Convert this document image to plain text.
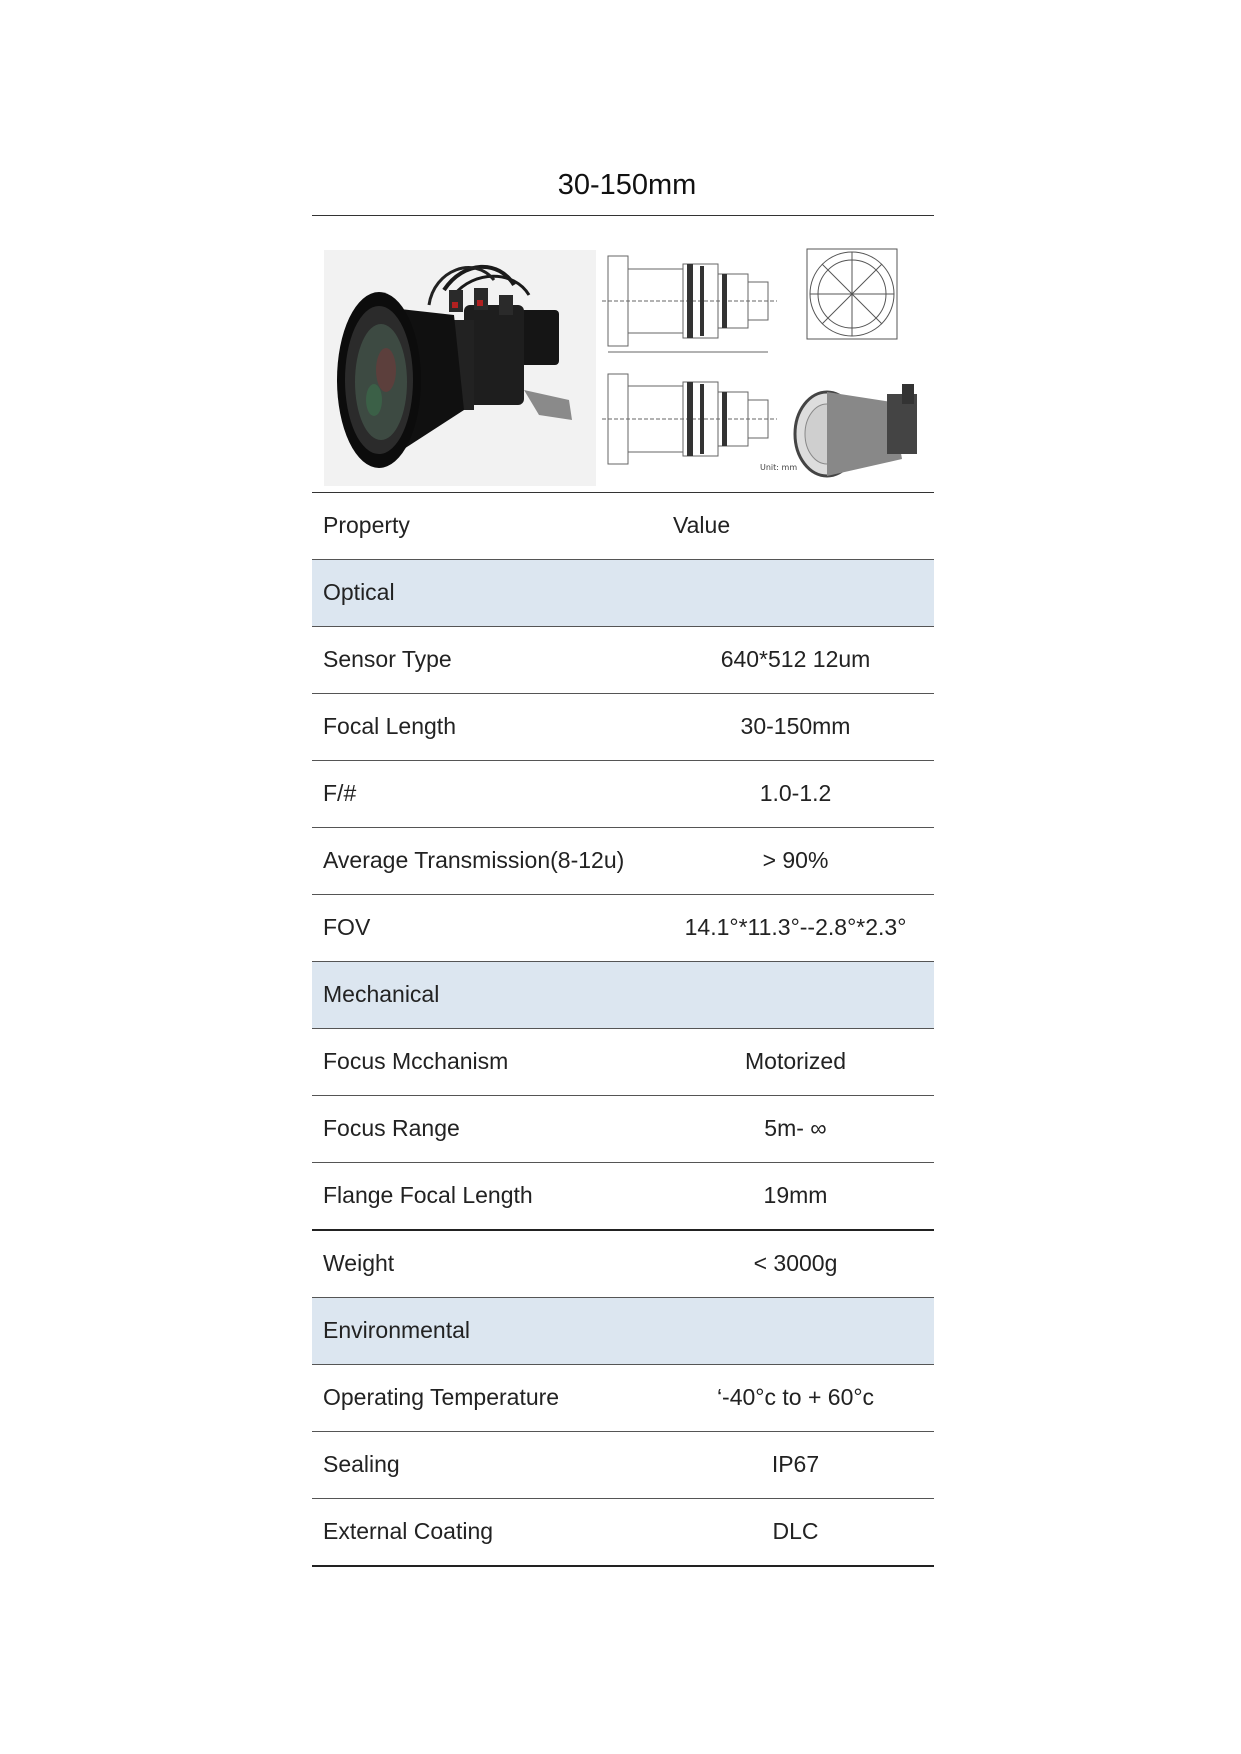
30-150mm
Unit: mm
Property	Value
Optical
Sensor Type	640*512 12um
Focal Length	30-150mm
F/#	1.0-1.2
Average Transmission(8-12u)	> 90%
FOV	14.1°*11.3°--2.8°*2.3°
Mechanical
Focus Mcchanism	Motorized
Focus Range	5m- ∞
Flange Focal Length	19mm
Weight	< 3000g
Environmental
Operating Temperature	‘-40°c to + 60°c
Sealing	IP67
External Coating	DLC
